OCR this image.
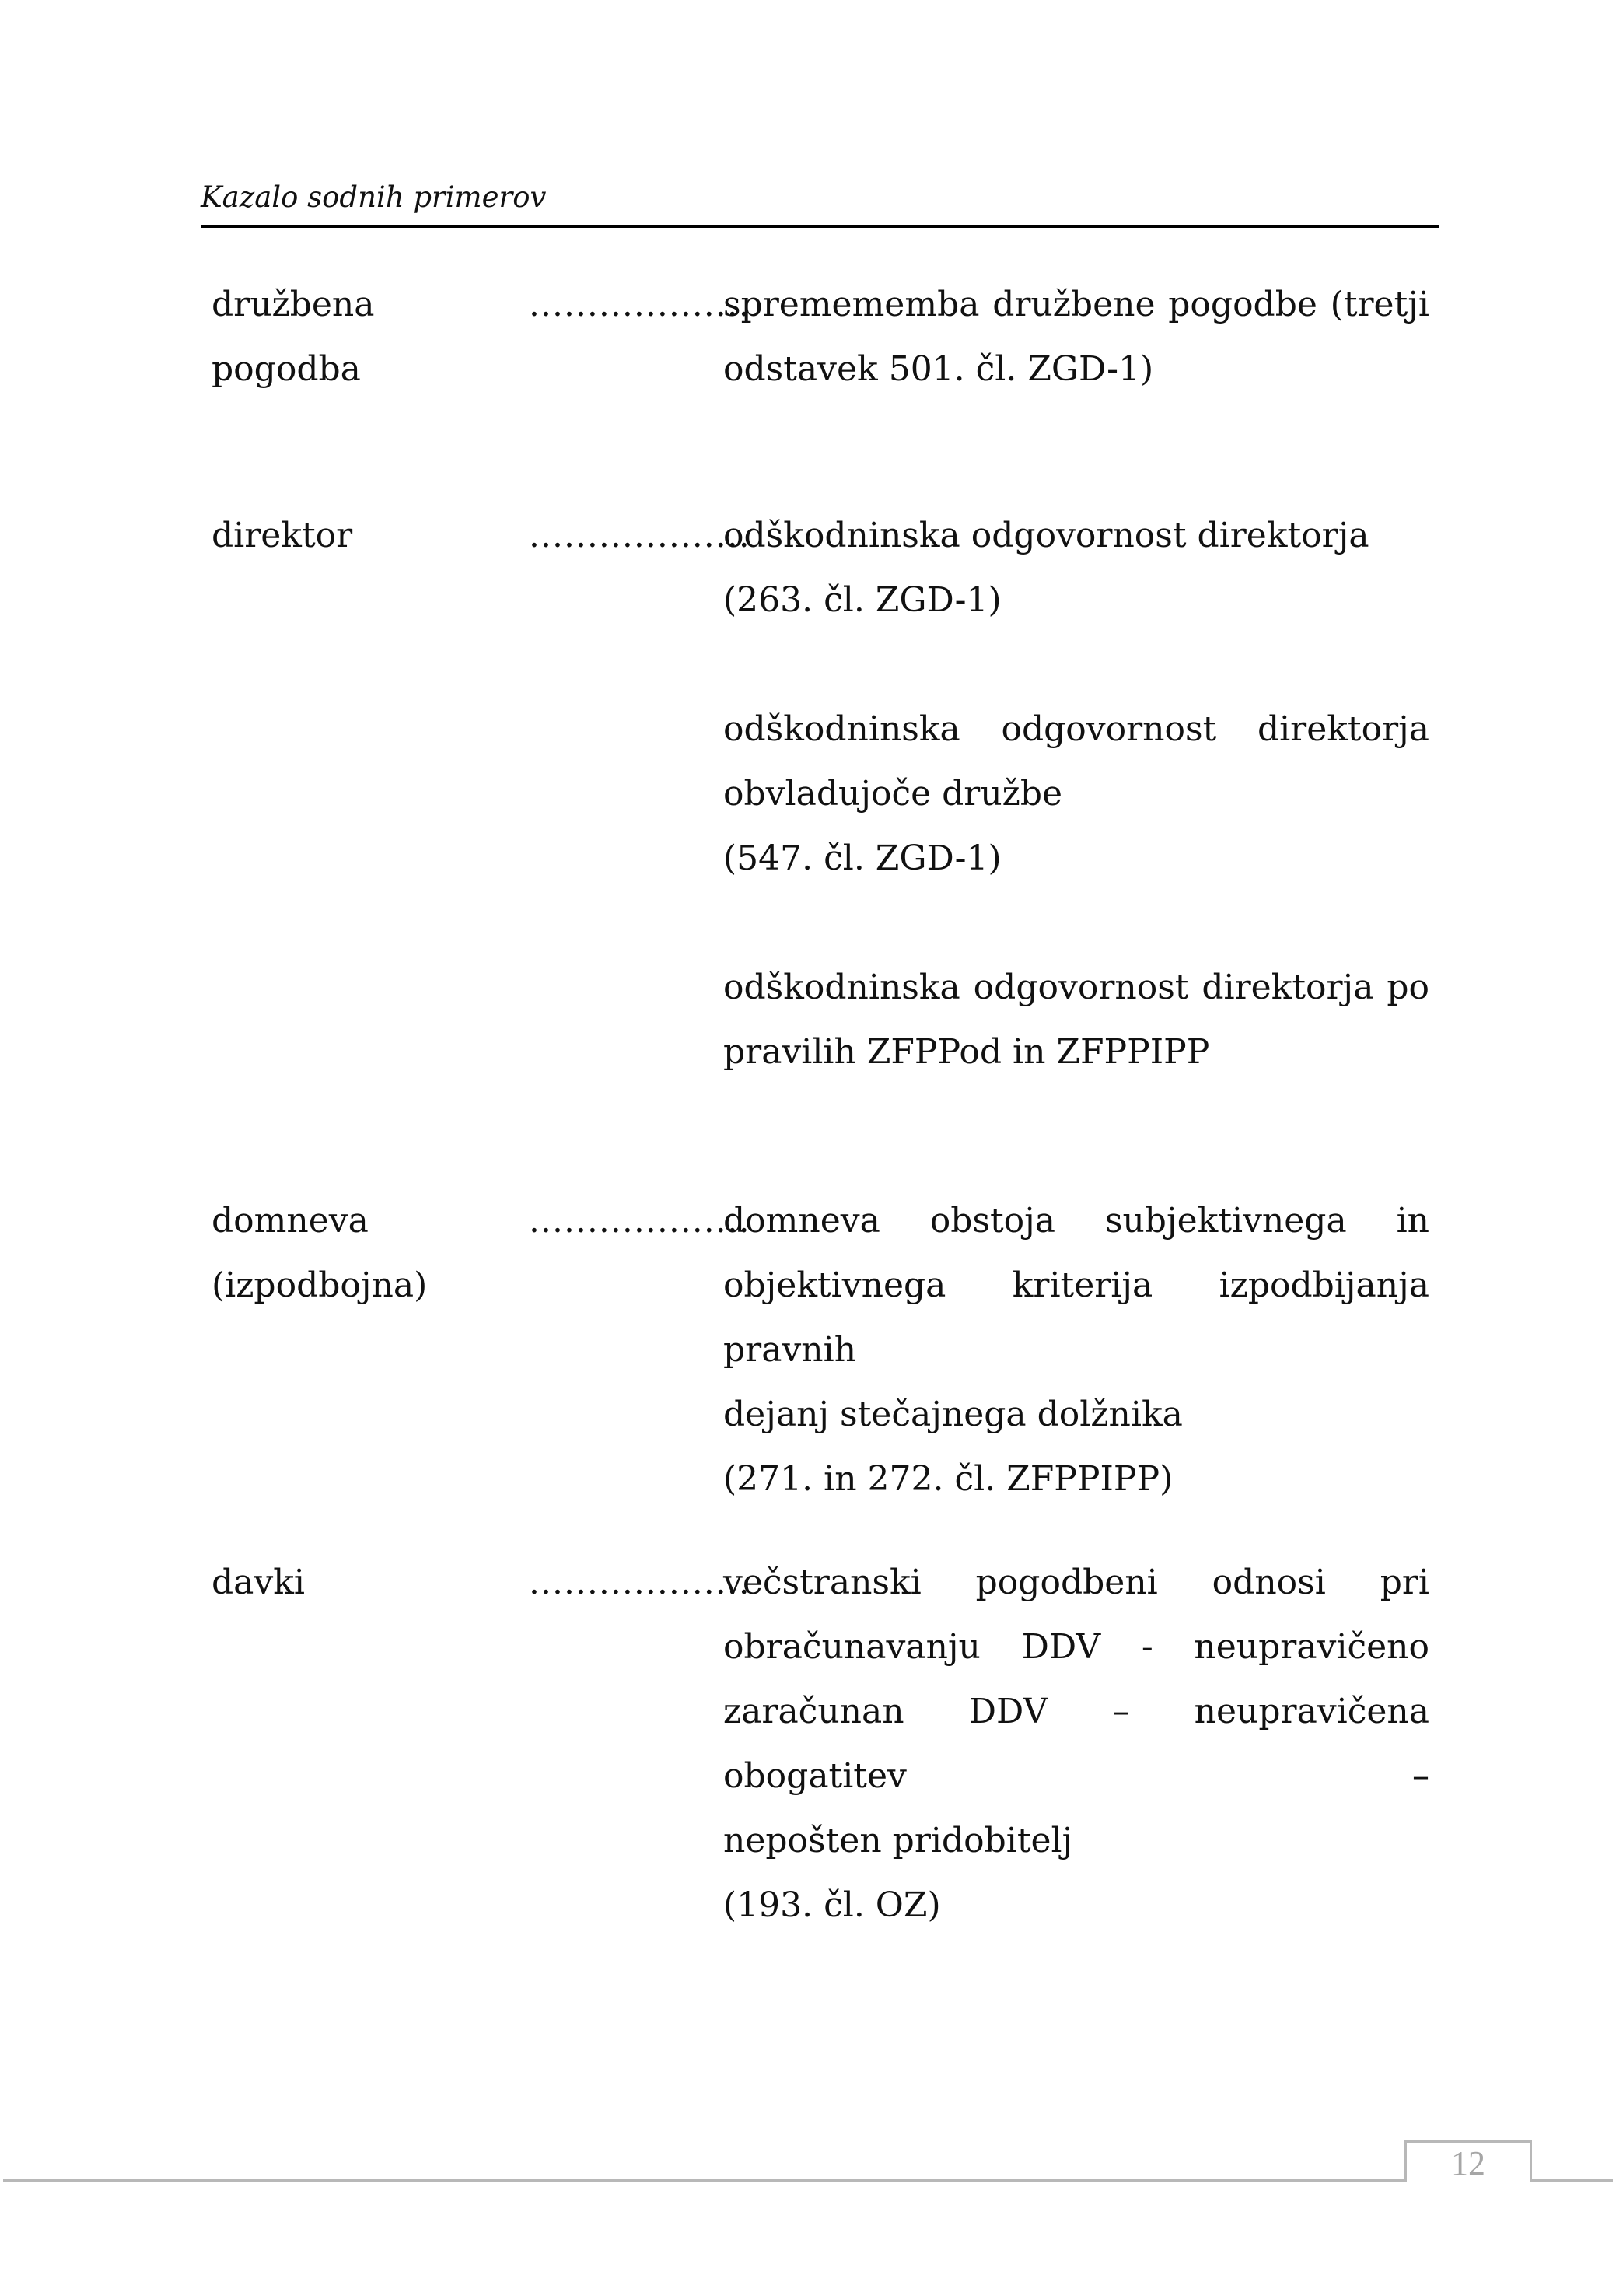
Kazalo sodnih primerov
družbena pogodba
...................
spremememba družbene pogodbe (tretji
odstavek 501. čl. ZGD-1)
direktor	...................
odškodninska odgovornost direktorja
(263. čl. ZGD-1)
odškodninska odgovornost direktorja
obvladujoče družbe
(547. čl. ZGD-1)
odškodninska odgovornost direktorja po
pravilih ZFPPod in ZFPPIPP
domneva
(izpodbojna)
...................
domneva obstoja subjektivnega in
objektivnega kriterija izpodbijanja pravnih
dejanj stečajnega dolžnika
(271. in 272. čl. ZFPPIPP)
davki	...................
večstranski pogodbeni odnosi pri
obračunavanju DDV - neupravičeno
zaračunan DDV – neupravičena obogatitev –
nepošten pridobitelj
(193. čl. OZ)
12
